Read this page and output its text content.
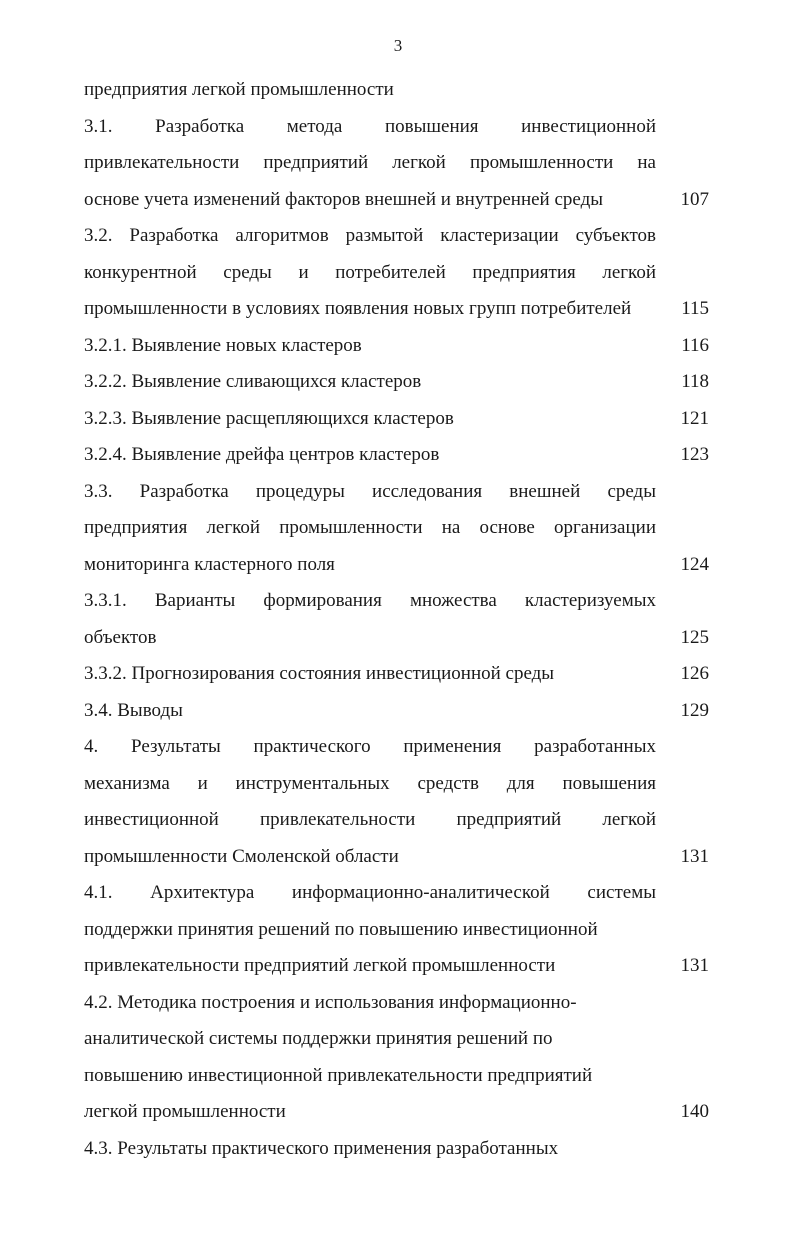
3
предприятия легкой промышленности
3.1. Разработка метода повышения инвестиционной
привлекательности предприятий легкой промышленности на
основе учета изменений факторов внешней и внутренней среды	107
3.2. Разработка алгоритмов размытой кластеризации субъектов
конкурентной среды и потребителей предприятия легкой
промышленности в условиях появления новых групп потребителей	115
3.2.1. Выявление новых кластеров	116
3.2.2. Выявление сливающихся кластеров	118
3.2.3. Выявление расщепляющихся кластеров	121
3.2.4. Выявление дрейфа центров кластеров	123
3.3. Разработка процедуры исследования внешней среды
предприятия легкой промышленности на основе организации
мониторинга кластерного поля	124
3.3.1. Варианты формирования множества кластеризуемых
объектов	125
3.3.2. Прогнозирования состояния инвестиционной среды	126
3.4. Выводы	129
4. Результаты практического применения разработанных
механизма и инструментальных средств для повышения
инвестиционной привлекательности предприятий легкой
промышленности Смоленской области	131
4.1. Архитектура информационно-аналитической системы
поддержки принятия решений по повышению инвестиционной
привлекательности предприятий легкой промышленности	131
4.2. Методика построения и использования информационно-
аналитической системы поддержки принятия решений по
повышению инвестиционной привлекательности предприятий
легкой промышленности	140
4.3. Результаты практического применения разработанных
